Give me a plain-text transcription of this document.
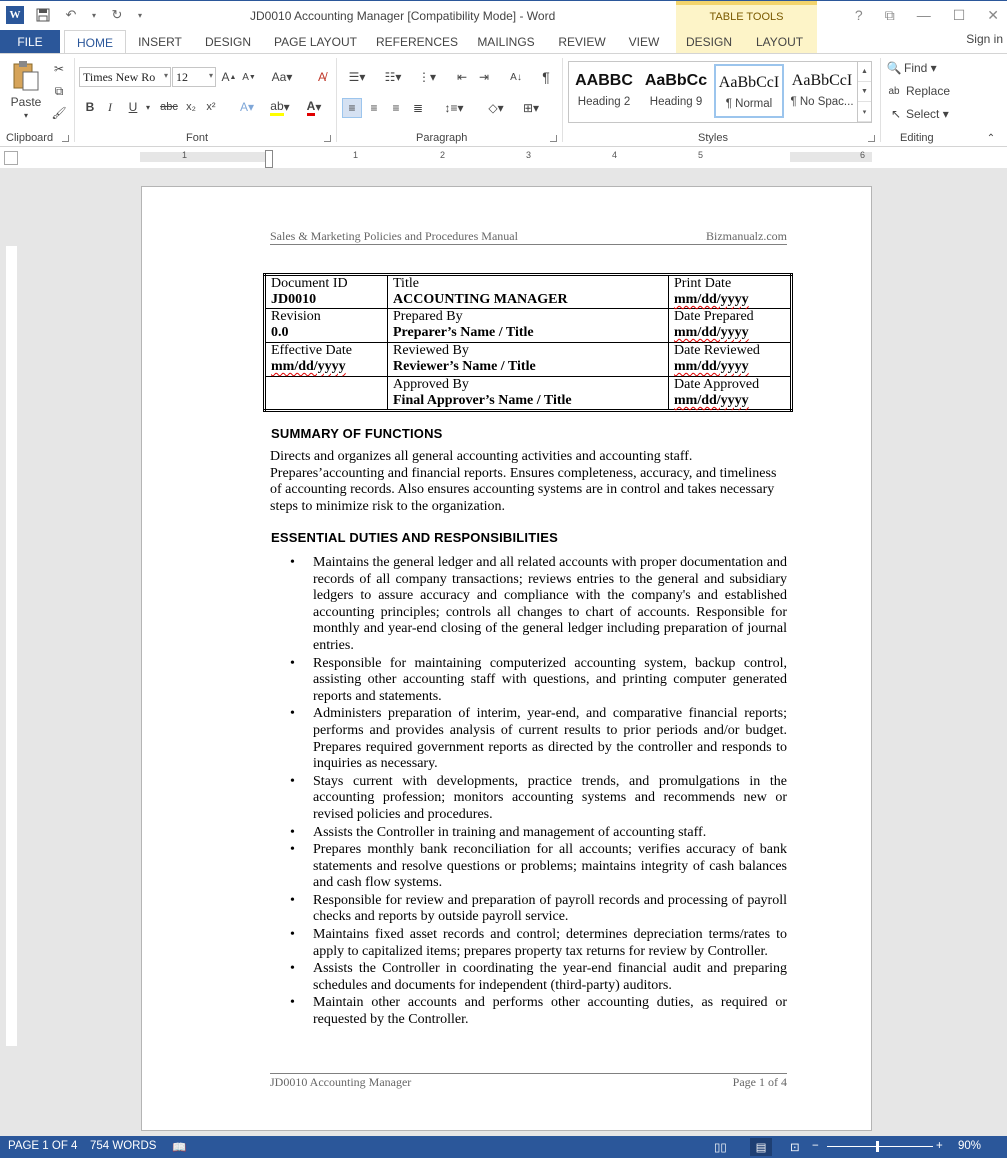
W	↶	▾ ↻	▾	JD0010 Accounting Manager [Compatibility Mode] - Word	TABLE TOOLS	? ⧉ — ☐ ✕
FILE	HOME	INSERT	DESIGN	PAGE LAYOUT	REFERENCES	MAILINGS	REVIEW	VIEW	DESIGN	LAYOUT	Sign in
Paste
▾
✂
⧉
🖌
Clipboard
Times New Ro ▾ 12	▾ A ▲ A ▼	Aa▾	A̸
B	I	U	▾ abc x₂ x²	A▾	ab ▾	A ▾
Font
☰▾	☷▾	⋮▾	⇤ ⇥	A↓	¶
≡	≡	≡	≣	↕≡▾	◇▾	⊞▾
Paragraph
AABBC
Heading 2
AaBbCc
Heading 9
AaBbCcI
¶ Normal
AaBbCcI
¶ No Spac...
▲
▼
▾
Styles
🔍 Find ▾
ab Replace
↖ Select ▾
Editing	⌃
1	1	2	3	4	5	6
Sales & Marketing Policies and Procedures Manual	Bizmanualz.com
Document ID
JD0010	Title
ACCOUNTING MANAGER	Print Date
mm/dd/yyyy

Revision
0.0	Prepared By
Preparer’s Name / Title	Date Prepared
mm/dd/yyyy

Effective Date
mm/dd/yyyy	Reviewed By
Reviewer’s Name / Title	Date Reviewed
mm/dd/yyyy

	Approved By
Final Approver’s Name / Title	Date Approved
mm/dd/yyyy
SUMMARY OF FUNCTIONS
Directs and organizes all general accounting activities and accounting staff. Prepares’accounting and financial reports. Ensures completeness, accuracy, and timeliness of accounting records. Also ensures accounting systems are in control and takes necessary steps to minimize risk to the organization.
ESSENTIAL DUTIES AND RESPONSIBILITIES
• Maintains the general ledger and all related accounts with proper documentation and records of all company transactions; reviews entries to the general and subsidiary ledgers to assure accuracy and compliance with the company's and established accounting principles; controls all changes to chart of accounts. Responsible for monthly and year-end closing of the general ledger including preparation of journal entries.
• Responsible for maintaining computerized accounting system, backup control, assisting other accounting staff with questions, and printing computer generated reports and statements.
• Administers preparation of interim, year-end, and comparative financial reports; performs and provides analysis of current results to prior periods and/or budget. Prepares required government reports as directed by the controller and responds to inquiries as necessary.
• Stays current with developments, practice trends, and promulgations in the accounting profession; monitors accounting systems and recommends new or revised policies and procedures.
• Assists the Controller in training and management of accounting staff.
• Prepares monthly bank reconciliation for all accounts; verifies accuracy of bank statements and resolve questions or problems; maintains integrity of cash balances and cash flow systems.
• Responsible for review and preparation of payroll records and processing of payroll checks and reports by outside payroll service.
• Maintains fixed asset records and control; determines depreciation terms/rates to apply to capitalized items; prepares property tax returns for review by Controller.
• Assists the Controller in coordinating the year-end financial audit and preparing schedules and documents for independent (third-party) auditors.
• Maintain other accounts and performs other accounting duties, as required or requested by the Controller.
JD0010 Accounting Manager	Page 1 of 4
PAGE 1 OF 4 754 WORDS 📖	▯▯	▤	⊡ −	+ 90%
